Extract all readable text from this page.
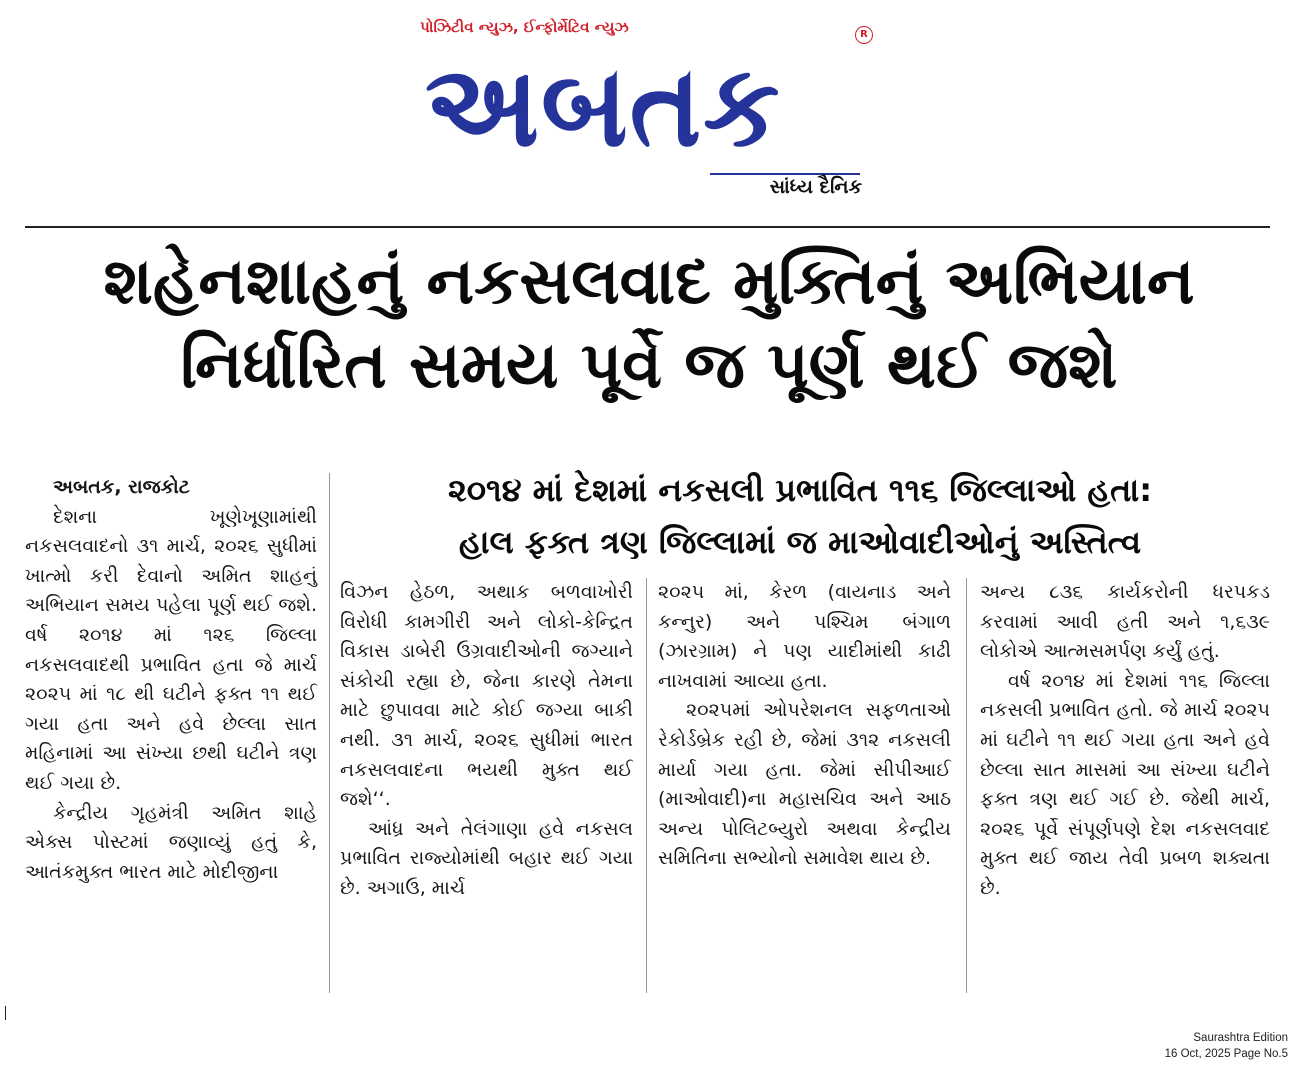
પોઝિટીવ ન્યુઝ, ઈન્ફોર્મેટિવ ન્યુઝ
અબતક
R
સાંધ્ય દૈનિક
શહેનશાહનું નકસલવાદ મુક્તિનું અભિયાન
નિર્ધારિત સમય પૂર્વે જ પૂર્ણ થઈ જશે
૨૦૧૪ માં દેશમાં નકસલી પ્રભાવિત ૧૧૬ જિલ્લાઓ હતા:
હાલ ફક્ત ત્રણ જિલ્લામાં જ માઓવાદીઓનું અસ્તિત્વ

અબતક, રાજકોટ

દેશના ખૂણેખૂણામાંથી નકસલવાદનો ૩૧ માર્ચ, ૨૦૨૬ સુધીમાં ખાત્મો કરી દેવાનો અમિત શાહનું અભિયાન સમય પહેલા પૂર્ણ થઈ જશે. વર્ષ ૨૦૧૪ માં ૧૨૬ જિલ્લા નકસલવાદથી પ્રભાવિત હતા જે માર્ચ ૨૦૨૫ માં ૧૮ થી ઘટીને ફક્ત ૧૧ થઈ ગયા હતા અને હવે છેલ્લા સાત મહિનામાં આ સંખ્યા છથી ઘટીને ત્રણ થઈ ગયા છે.

કેન્દ્રીય ગૃહમંત્રી અમિત શાહે એક્સ પોસ્ટમાં જણાવ્યું હતું કે, આતંકમુક્ત ભારત માટે મોદીજીના

વિઝન હેઠળ, અથાક બળવાખોરી વિરોધી કામગીરી અને લોકો-કેન્દ્રિત વિકાસ ડાબેરી ઉગ્રવાદીઓની જગ્યાને સંકોચી રહ્યા છે, જેના કારણે તેમના માટે છુપાવવા માટે કોઈ જગ્યા બાકી નથી. ૩૧ માર્ચ, ૨૦૨૬ સુધીમાં ભારત નકસલવાદના ભયથી મુક્ત થઈ જશે‘‘.

આંધ્ર અને તેલંગાણા હવે નકસલ પ્રભાવિત રાજ્યોમાંથી બહાર થઈ ગયા છે. અગાઉ, માર્ચ

૨૦૨૫ માં, કેરળ (વાયનાડ અને કન્નુર) અને પશ્ચિમ બંગાળ (ઝારગ્રામ) ને પણ યાદીમાંથી કાઢી નાખવામાં આવ્યા હતા.

૨૦૨૫માં ઓપરેશનલ સફળતાઓ રેકોર્ડબ્રેક રહી છે, જેમાં ૩૧૨ નકસલી માર્યા ગયા હતા. જેમાં સીપીઆઈ (માઓવાદી)ના મહાસચિવ અને આઠ અન્ય પોલિટબ્યુરો અથવા કેન્દ્રીય સમિતિના સભ્યોનો સમાવેશ થાય છે.

અન્ય ૮૩૬ કાર્યકરોની ધરપકડ કરવામાં આવી હતી અને ૧,૬૩૯ લોકોએ આત્મસમર્પણ કર્યું હતું.

વર્ષ ૨૦૧૪ માં દેશમાં ૧૧૬ જિલ્લા નકસલી પ્રભાવિત હતો. જે માર્ચ ૨૦૨૫ માં ઘટીને ૧૧ થઈ ગયા હતા અને હવે છેલ્લા સાત માસમાં આ સંખ્યા ઘટીને ફક્ત ત્રણ થઈ ગઈ છે. જેથી માર્ચ, ૨૦૨૬ પૂર્વે સંપૂર્ણપણે દેશ નકસલવાદ મુક્ત થઈ જાય તેવી પ્રબળ શક્યતા છે.

Saurashtra Edition
16 Oct, 2025 Page No.5
